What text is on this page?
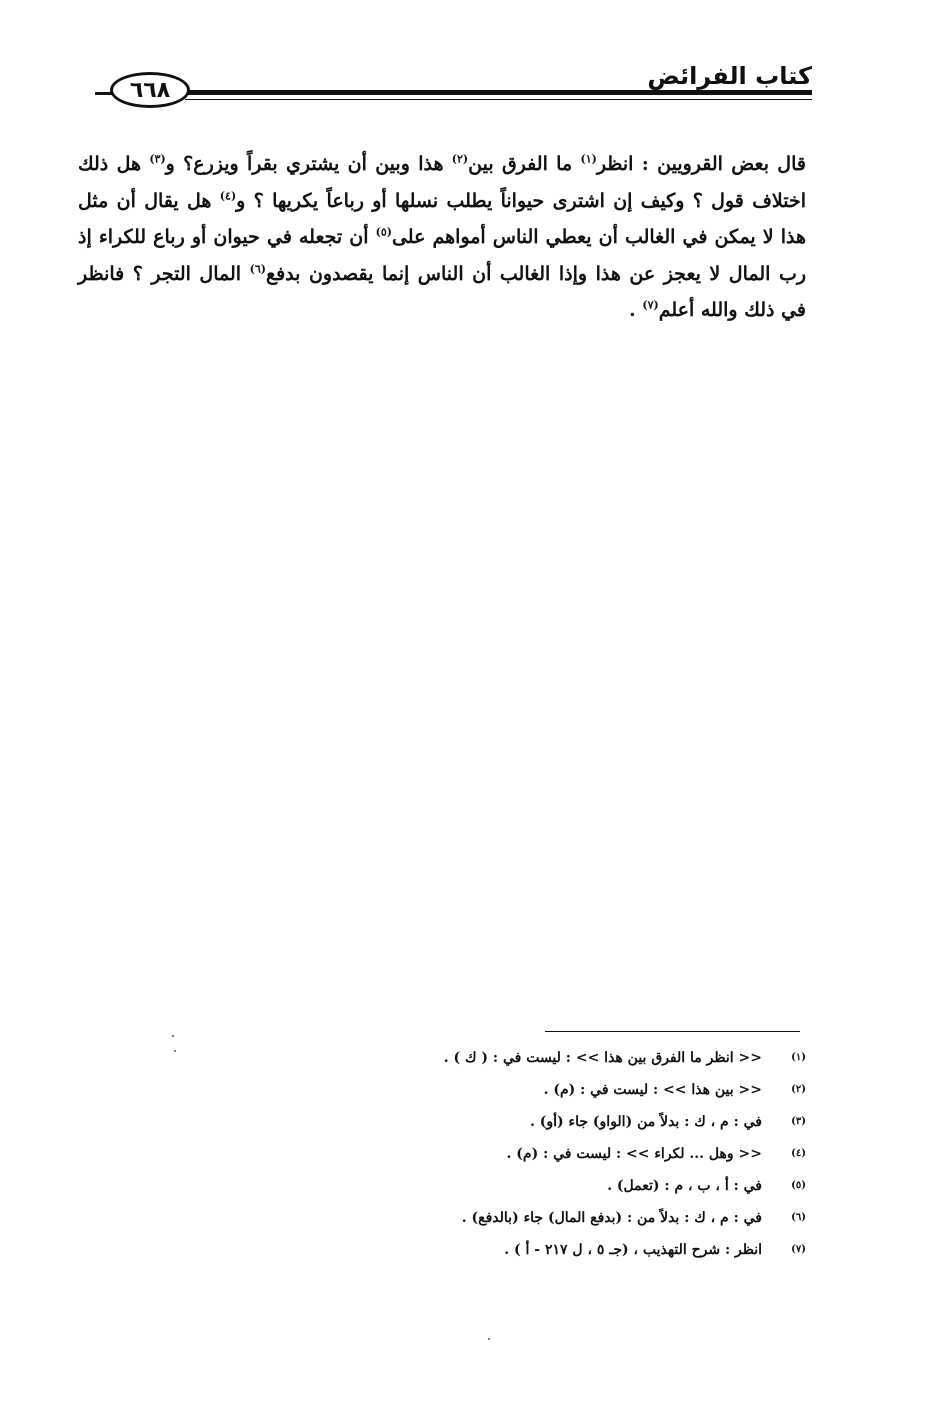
كتاب الفرائض
٦٦٨

قال بعض القرويين : انظر$^{(١)}$ ما الفرق بين$^{(٢)}$ هذا وبين أن يشتري بقراً ويزرع؟ و$^{(٣)}$ هل ذلك اختلاف قول ؟ وكيف إن اشترى حيواناً يطلب نسلها أو رباعاً يكريها ؟ و$^{(٤)}$ هل يقال أن مثل هذا لا يمكن في الغالب أن يعطي الناس أمواهم على$^{(٥)}$ أن تجعله في حيوان أو رباع للكراء إذ رب المال لا يعجز عن هذا وإذا الغالب أن الناس إنما يقصدون بدفع$^{(٦)}$ المال التجر ؟ فانظر في ذلك والله أعلم$^{(٧)}$ .

(١)
<< انظر ما الفرق بين هذا >> : ليست في : ( ك ) .
(٢)
<< بين هذا >> : ليست في : (م) .
(٣)
في : م ، ك : بدلاً من (الواو) جاء (أو) .
(٤)
<< وهل ... لكراء >> : ليست في : (م) .
(٥)
في : أ ، ب ، م : (تعمل) .
(٦)
في : م ، ك : بدلاً من : (بدفع المال) جاء (بالدفع) .
(٧)
انظر : شرح التهذيب ، (جـ ٥ ، ل ٢١٧ - أ ) .
